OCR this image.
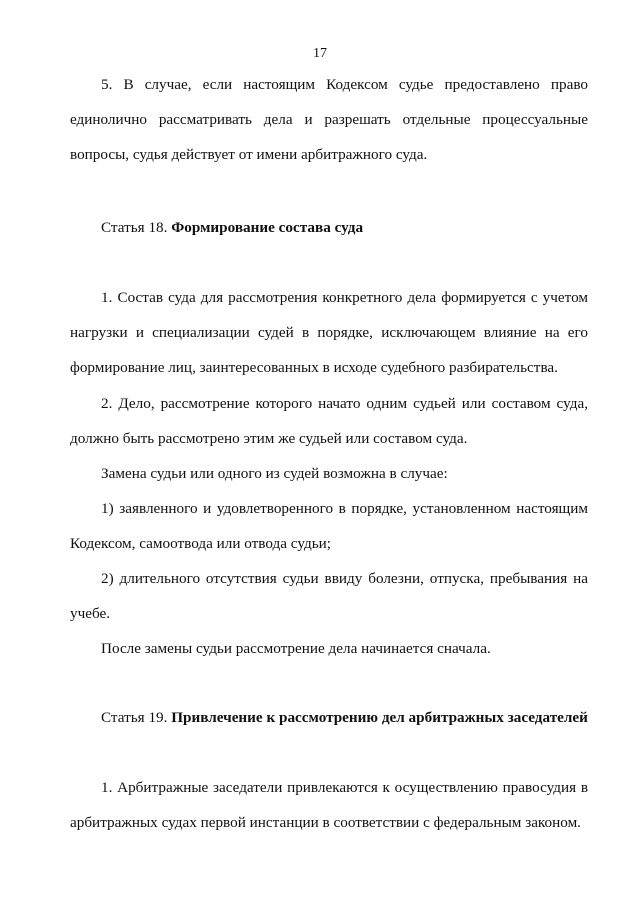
17

5. В случае, если настоящим Кодексом судье предоставлено право единолично рассматривать дела и разрешать отдельные процессуальные вопросы, судья действует от имени арбитражного суда.

Статья 18. Формирование состава суда

1. Состав суда для рассмотрения конкретного дела формируется с учетом нагрузки и специализации судей в порядке, исключающем влияние на его формирование лиц, заинтересованных в исходе судебного разбирательства.

2. Дело, рассмотрение которого начато одним судьей или составом суда, должно быть рассмотрено этим же судьей или составом суда.

Замена судьи или одного из судей возможна в случае:

1) заявленного и удовлетворенного в порядке, установленном настоящим Кодексом, самоотвода или отвода судьи;

2) длительного отсутствия судьи ввиду болезни, отпуска, пребывания на учебе.

После замены судьи рассмотрение дела начинается сначала.

Статья 19. Привлечение к рассмотрению дел арбитражных заседателей

1. Арбитражные заседатели привлекаются к осуществлению правосудия в арбитражных судах первой инстанции в соответствии с федеральным законом.
